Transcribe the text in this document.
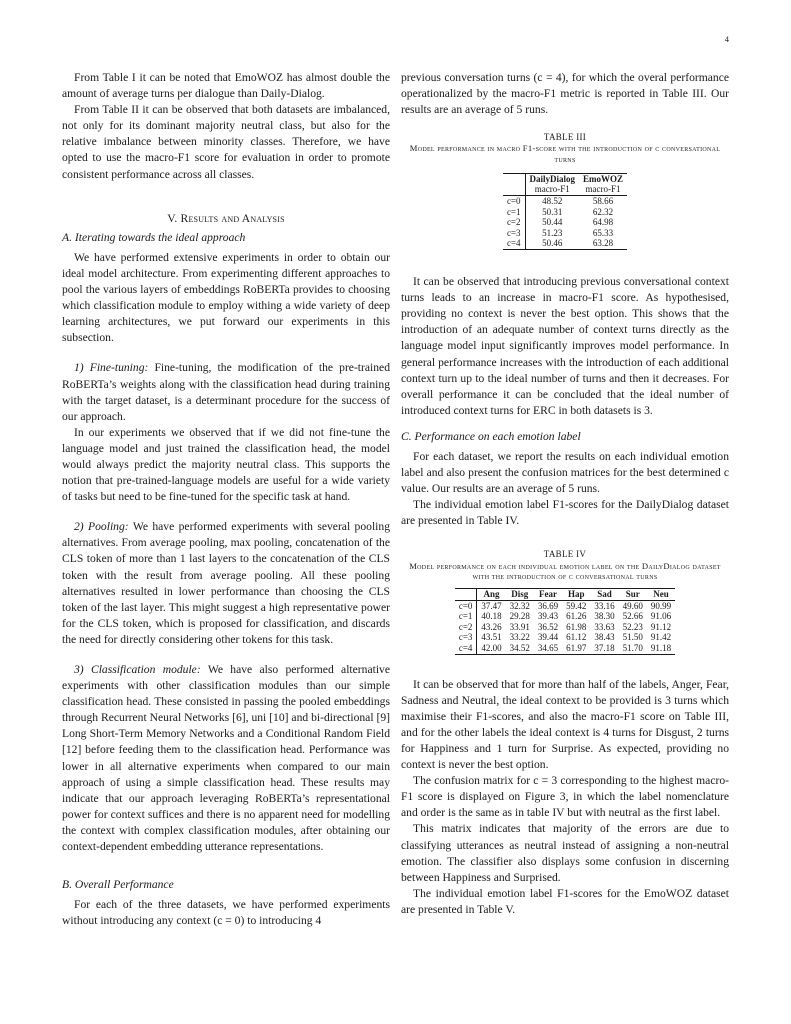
4

From Table I it can be noted that EmoWOZ has almost double the amount of average turns per dialogue than Daily-Dialog.

From Table II it can be observed that both datasets are imbalanced, not only for its dominant majority neutral class, but also for the relative imbalance between minority classes. Therefore, we have opted to use the macro-F1 score for evaluation in order to promote consistent performance across all classes.

V. Results and Analysis
A. Iterating towards the ideal approach

We have performed extensive experiments in order to obtain our ideal model architecture. From experimenting different approaches to pool the various layers of embeddings RoBERTa provides to choosing which classification module to employ withing a wide variety of deep learning architectures, we put forward our experiments in this subsection.

1) Fine-tuning: Fine-tuning, the modification of the pre-trained RoBERTa’s weights along with the classification head during training with the target dataset, is a determinant procedure for the success of our approach.

In our experiments we observed that if we did not fine-tune the language model and just trained the classification head, the model would always predict the majority neutral class. This supports the notion that pre-trained-language models are useful for a wide variety of tasks but need to be fine-tuned for the specific task at hand.

2) Pooling: We have performed experiments with several pooling alternatives. From average pooling, max pooling, concatenation of the CLS token of more than 1 last layers to the concatenation of the CLS token with the result from average pooling. All these pooling alternatives resulted in lower performance than choosing the CLS token of the last layer. This might suggest a high representative power for the CLS token, which is proposed for classification, and discards the need for directly considering other tokens for this task.

3) Classification module: We have also performed alternative experiments with other classification modules than our simple classification head. These consisted in passing the pooled embeddings through Recurrent Neural Networks [6], uni [10] and bi-directional [9] Long Short-Term Memory Networks and a Conditional Random Field [12] before feeding them to the classification head. Performance was lower in all alternative experiments when compared to our main approach of using a simple classification head. These results may indicate that our approach leveraging RoBERTa’s representational power for context suffices and there is no apparent need for modelling the context with complex classification modules, after obtaining our context-dependent embedding utterance representations.

B. Overall Performance

For each of the three datasets, we have performed experiments without introducing any context (c = 0) to introducing 4

previous conversation turns (c = 4), for which the overal performance operationalized by the macro-F1 metric is reported in Table III. Our results are an average of 5 runs.

TABLE III
Model performance in macro F1-score with the introduction of c conversational turns
	DailyDialog	EmoWOZ
	macro-F1	macro-F1
c=0	48.52	58.66
c=1	50.31	62.32
c=2	50.44	64.98
c=3	51.23	65.33
c=4	50.46	63.28

It can be observed that introducing previous conversational context turns leads to an increase in macro-F1 score. As hypothesised, providing no context is never the best option. This shows that the introduction of an adequate number of context turns directly as the language model input significantly improves model performance. In general performance increases with the introduction of each additional context turn up to the ideal number of turns and then it decreases. For overall performance it can be concluded that the ideal number of introduced context turns for ERC in both datasets is 3.

C. Performance on each emotion label

For each dataset, we report the results on each individual emotion label and also present the confusion matrices for the best determined c value. Our results are an average of 5 runs.

The individual emotion label F1-scores for the DailyDialog dataset are presented in Table IV.

TABLE IV
Model performance on each individual emotion label on the DailyDialog dataset with the introduction of c conversational turns
	Ang	Disg	Fear	Hap	Sad	Sur	Neu
c=0	37.47	32.32	36.69	59.42	33.16	49.60	90.99
c=1	40.18	29.28	39.43	61.26	38.30	52.66	91.06
c=2	43.26	33.91	36.52	61.98	33.63	52.23	91.12
c=3	43.51	33.22	39.44	61.12	38.43	51.50	91.42
c=4	42.00	34.52	34.65	61.97	37.18	51.70	91.18

It can be observed that for more than half of the labels, Anger, Fear, Sadness and Neutral, the ideal context to be provided is 3 turns which maximise their F1-scores, and also the macro-F1 score on Table III, and for the other labels the ideal context is 4 turns for Disgust, 2 turns for Happiness and 1 turn for Surprise. As expected, providing no context is never the best option.

The confusion matrix for c = 3 corresponding to the highest macro-F1 score is displayed on Figure 3, in which the label nomenclature and order is the same as in table IV but with neutral as the first label.

This matrix indicates that majority of the errors are due to classifying utterances as neutral instead of assigning a non-neutral emotion. The classifier also displays some confusion in discerning between Happiness and Surprised.

The individual emotion label F1-scores for the EmoWOZ dataset are presented in Table V.
